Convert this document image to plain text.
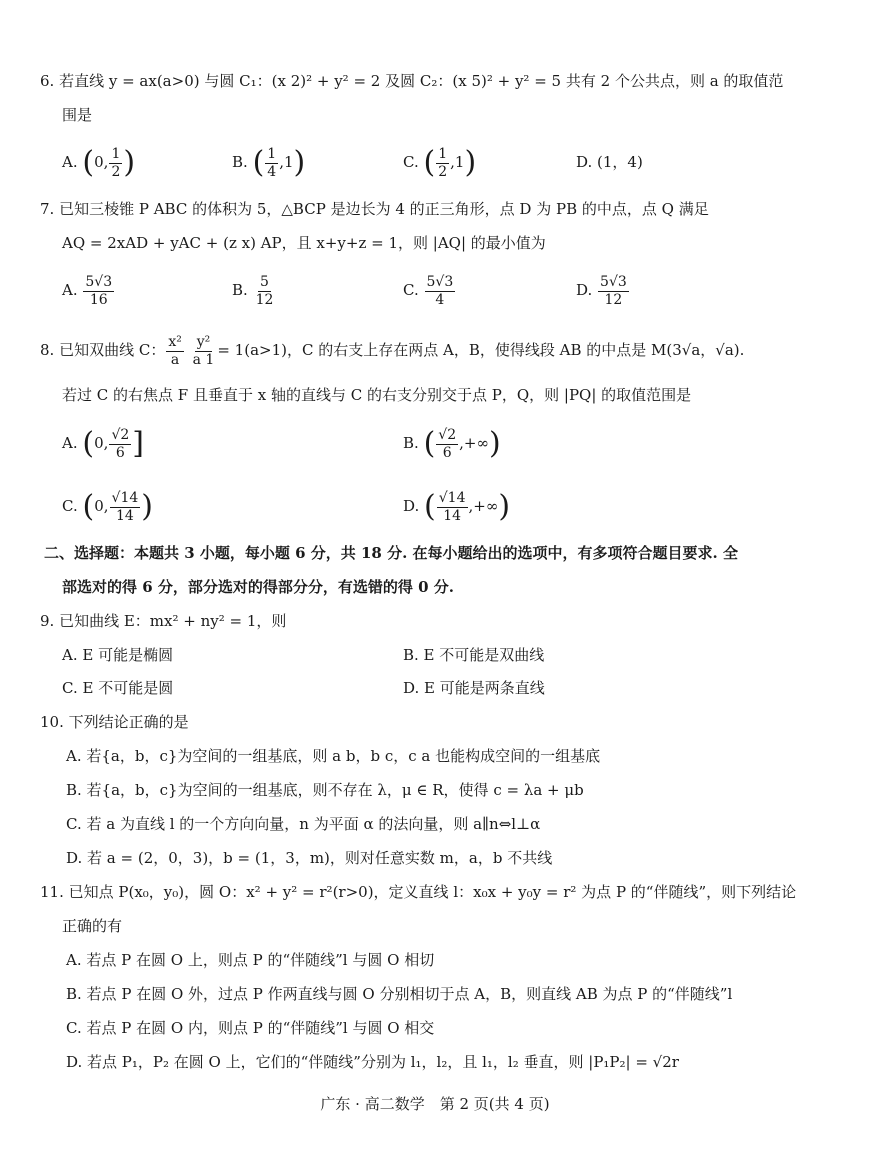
6. 若直线 y = ax(a>0) 与圆 C₁：(x 2)² + y² = 2 及圆 C₂：(x 5)² + y² = 5 共有 2 个公共点，则 a 的取值范
围是
A. (0, $\frac{1}{2}$ )	B. ( $\frac{1}{4} ,1$)	C. ( $\frac{1}{2} ,1$)	D. (1，4)
7. 已知三棱锥 P ABC 的体积为 5，△BCP 是边长为 4 的正三角形，点 D 为 PB 的中点，点 Q 满足
AQ = 2xAD + yAC + (z x) AP，且 x+y+z = 1，则 |AQ| 的最小值为
A. $\frac{5√3}{16}$	B. $\frac{5}{12}$	C. $\frac{5√3}{4}$	D. $\frac{5√3}{12}$
8. 已知双曲线 C： $\frac{\text{x²}}{a}$
$\frac{\text{y²}}{a 1} = 1(a>1)$，C 的右支上存在两点 A，B，使得线段 AB 的中点是 M(3√a，√a).
若过 C 的右焦点 F 且垂直于 x 轴的直线与 C 的右支分别交于点 P，Q，则 |PQ| 的取值范围是
A. (0, $\frac{√2}{6}$ ]	B. ( $\frac{√2}{6}$ ,+∞)
C. (0, $\frac{√14}{14}$ )	D. ( $\frac{√14}{14}$ ,+∞)
二、选择题：本题共 3 小题，每小题 6 分，共 18 分. 在每小题给出的选项中，有多项符合题目要求. 全
部选对的得 6 分，部分选对的得部分分，有选错的得 0 分.
9. 已知曲线 E：mx² + ny² = 1，则
A. E 可能是椭圆	B. E 不可能是双曲线
C. E 不可能是圆	D. E 可能是两条直线
10. 下列结论正确的是
A. 若{a，b，c}为空间的一组基底，则 a b，b c，c a 也能构成空间的一组基底
B. 若{a，b，c}为空间的一组基底，则不存在 λ，μ ∈ R，使得 c = λa + μb
C. 若 a 为直线 l 的一个方向向量，n 为平面 α 的法向量，则 a∥n⇔l⊥α
D. 若 a = (2，0，3)，b = (1，3，m)，则对任意实数 m，a，b 不共线
11. 已知点 P(x₀，y₀)，圆 O：x² + y² = r²(r>0)，定义直线 l：x₀x + y₀y = r² 为点 P 的“伴随线”，则下列结论
正确的有
A. 若点 P 在圆 O 上，则点 P 的“伴随线”l 与圆 O 相切
B. 若点 P 在圆 O 外，过点 P 作两直线与圆 O 分别相切于点 A，B，则直线 AB 为点 P 的“伴随线”l
C. 若点 P 在圆 O 内，则点 P 的“伴随线”l 与圆 O 相交
D. 若点 P₁，P₂ 在圆 O 上，它们的“伴随线”分别为 l₁，l₂，且 l₁，l₂ 垂直，则 |P₁P₂| = √2r
广东 · 高二数学　第 2 页(共 4 页)
